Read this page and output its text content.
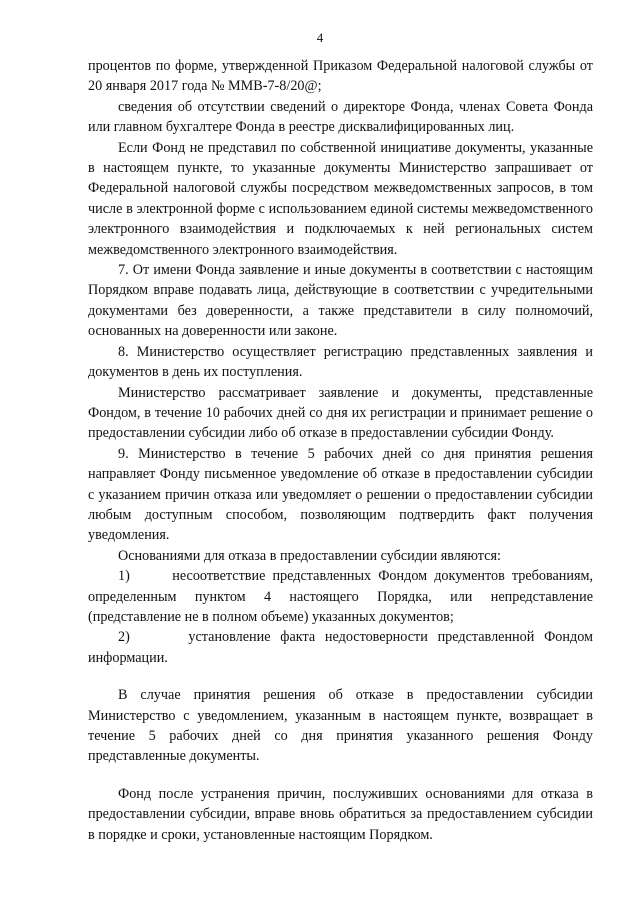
4

процентов по форме, утвержденной Приказом Федеральной налоговой службы от 20 января 2017 года № ММВ-7-8/20@;

сведения об отсутствии сведений о директоре Фонда, членах Совета Фонда или главном бухгалтере Фонда в реестре дисквалифицированных лиц.

Если Фонд не представил по собственной инициативе документы, указанные в настоящем пункте, то указанные документы Министерство запрашивает от Федеральной налоговой службы посредством межведомственных запросов, в том числе в электронной форме с использованием единой системы межведомственного электронного взаимодействия и подключаемых к ней региональных систем межведомственного электронного взаимодействия.

7. От имени Фонда заявление и иные документы в соответствии с настоящим Порядком вправе подавать лица, действующие в соответствии с учредительными документами без доверенности, а также представители в силу полномочий, основанных на доверенности или законе.

8. Министерство осуществляет регистрацию представленных заявления и документов в день их поступления.

Министерство рассматривает заявление и документы, представленные Фондом, в течение 10 рабочих дней со дня их регистрации и принимает решение о предоставлении субсидии либо об отказе в предоставлении субсидии Фонду.

9. Министерство в течение 5 рабочих дней со дня принятия решения направляет Фонду письменное уведомление об отказе в предоставлении субсидии с указанием причин отказа или уведомляет о решении о предоставлении субсидии любым доступным способом, позволяющим подтвердить факт получения уведомления.

Основаниями для отказа в предоставлении субсидии являются:

1)      несоответствие представленных Фондом документов требованиям, определенным пунктом 4 настоящего Порядка, или непредставление (представление не в полном объеме) указанных документов;

2)      установление факта недостоверности представленной Фондом информации.

В случае принятия решения об отказе в предоставлении субсидии Министерство с уведомлением, указанным в настоящем пункте, возвращает в течение 5 рабочих дней со дня принятия указанного решения Фонду представленные документы.

Фонд после устранения причин, послуживших основаниями для отказа в предоставлении субсидии, вправе вновь обратиться за предоставлением субсидии в порядке и сроки, установленные настоящим Порядком.
